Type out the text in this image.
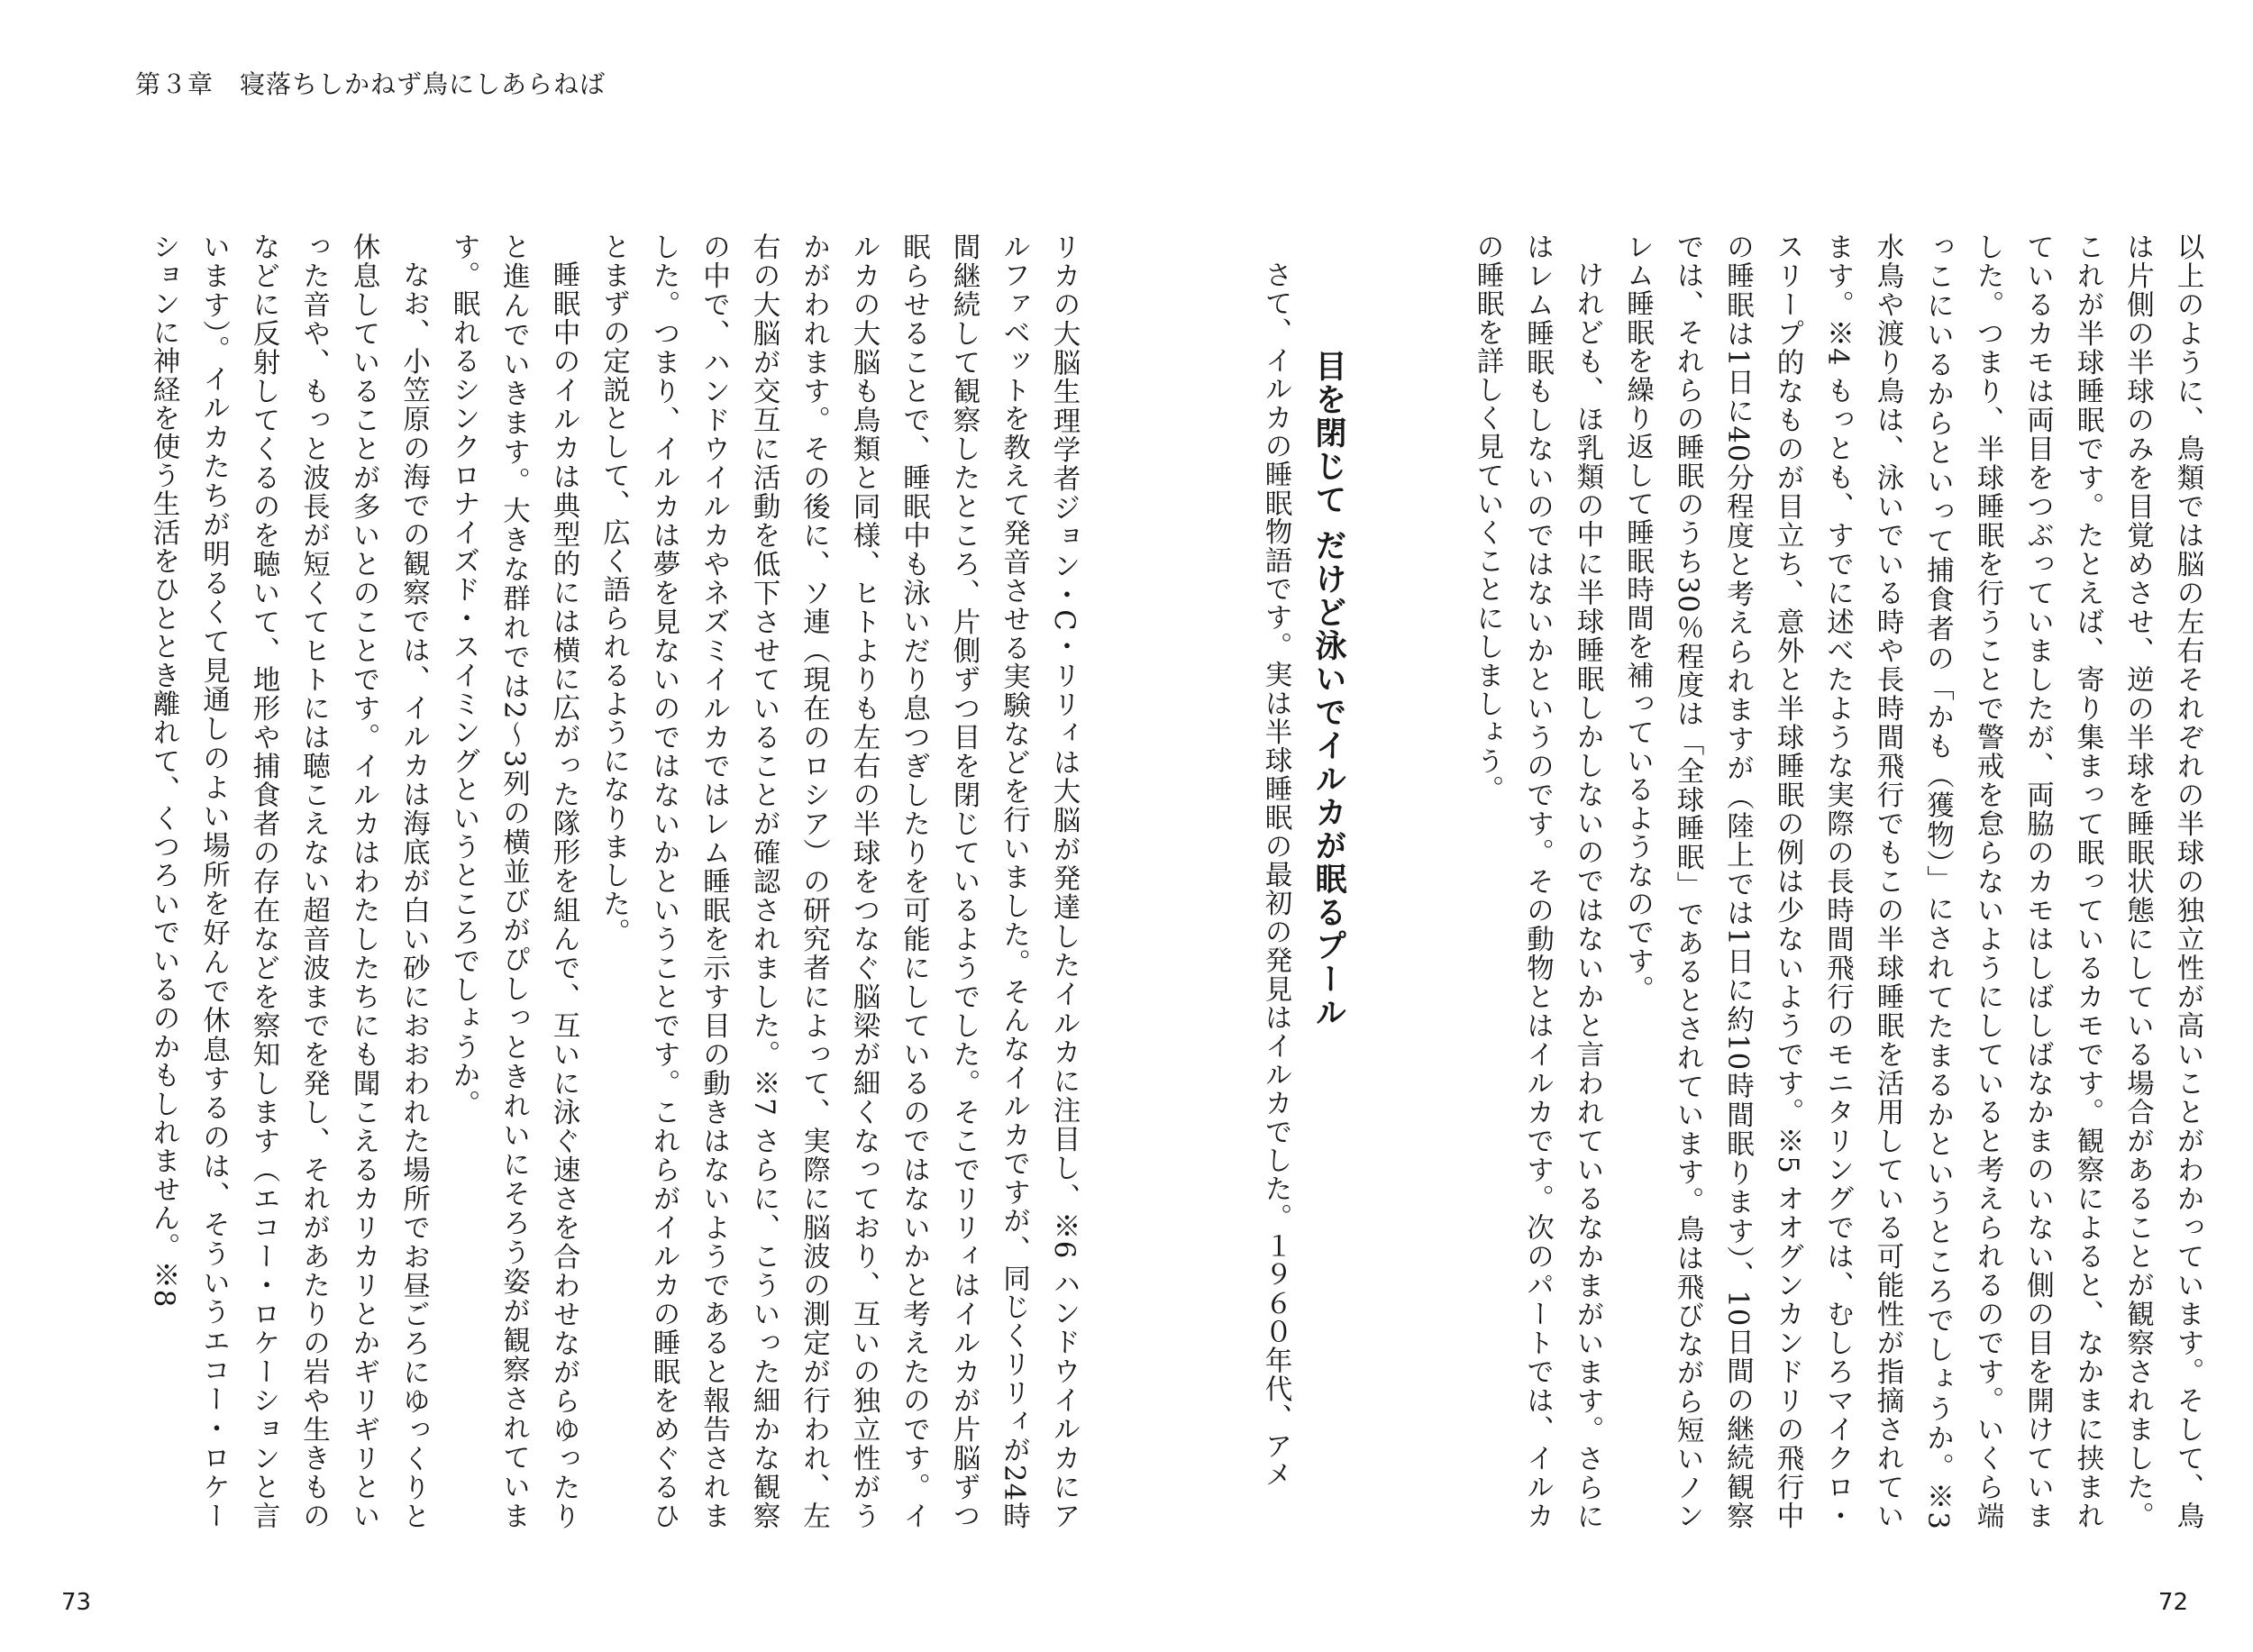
第３章　寝落ちしかねず鳥にしあらねば

以上のように、鳥類では脳の左右それぞれの半球の独立性が高いことがわかっています。そして、鳥は片側の半球のみを目覚めさせ、逆の半球を睡眠状態にしている場合があることが観察されました。これが半球睡眠です。たとえば、寄り集まって眠っているカモです。観察によると、なかまに挟まれているカモは両目をつぶっていましたが、両脇のカモはしばしばなかまのいない側の目を開けていました。つまり、半球睡眠を行うことで警戒を怠らないようにしていると考えられるのです。いくら端っこにいるからといって捕食者の「かも（獲物）」にされてたまるかというところでしょうか。※3 水鳥や渡り鳥は、泳いでいる時や長時間飛行でもこの半球睡眠を活用している可能性が指摘されています。※4 もっとも、すでに述べたような実際の長時間飛行のモニタリングでは、むしろマイクロ・スリープ的なものが目立ち、意外と半球睡眠の例は少ないようです。※5 オオグンカンドリの飛行中の睡眠は1日に40分程度と考えられますが（陸上では1日に約10時間眠ります）、10日間の継続観察では、それらの睡眠のうち30％程度は「全球睡眠」であるとされています。鳥は飛びながら短いノンレム睡眠を繰り返して睡眠時間を補っているようなのです。

けれども、ほ乳類の中に半球睡眠しかしないのではないかと言われているなかまがいます。さらにはレム睡眠もしないのではないかというのです。その動物とはイルカです。次のパートでは、イルカの睡眠を詳しく見ていくことにしましょう。

目を閉じて だけど泳いでイルカが眠るプール

さて、イルカの睡眠物語です。実は半球睡眠の最初の発見はイルカでした。１９６０年代、アメ

リカの大脳生理学者ジョン・C・リリィは大脳が発達したイルカに注目し、※6 ハンドウイルカにアルファベットを教えて発音させる実験などを行いました。そんなイルカですが、同じくリリィが24時間継続して観察したところ、片側ずつ目を閉じているようでした。そこでリリィはイルカが片脳ずつ眠らせることで、睡眠中も泳いだり息つぎしたりを可能にしているのではないかと考えたのです。イルカの大脳も鳥類と同様、ヒトよりも左右の半球をつなぐ脳梁が細くなっており、互いの独立性がうかがわれます。その後に、ソ連（現在のロシア）の研究者によって、実際に脳波の測定が行われ、左右の大脳が交互に活動を低下させていることが確認されました。※7 さらに、こういった細かな観察の中で、ハンドウイルカやネズミイルカではレム睡眠を示す目の動きはないようであると報告されました。つまり、イルカは夢を見ないのではないかということです。これらがイルカの睡眠をめぐるひとまずの定説として、広く語られるようになりました。

睡眠中のイルカは典型的には横に広がった隊形を組んで、互いに泳ぐ速さを合わせながらゆったりと進んでいきます。大きな群れでは2〜3列の横並びがぴしっときれいにそろう姿が観察されています。眠れるシンクロナイズド・スイミングというところでしょうか。

なお、小笠原の海での観察では、イルカは海底が白い砂におおわれた場所でお昼ごろにゆっくりと休息していることが多いとのことです。イルカはわたしたちにも聞こえるカリカリとかギリギリといった音や、もっと波長が短くてヒトには聴こえない超音波までを発し、それがあたりの岩や生きものなどに反射してくるのを聴いて、地形や捕食者の存在などを察知します（エコー・ロケーションと言います）。イルカたちが明るくて見通しのよい場所を好んで休息するのは、そういうエコー・ロケーションに神経を使う生活をひととき離れて、くつろいでいるのかもしれません。※8

73	72
